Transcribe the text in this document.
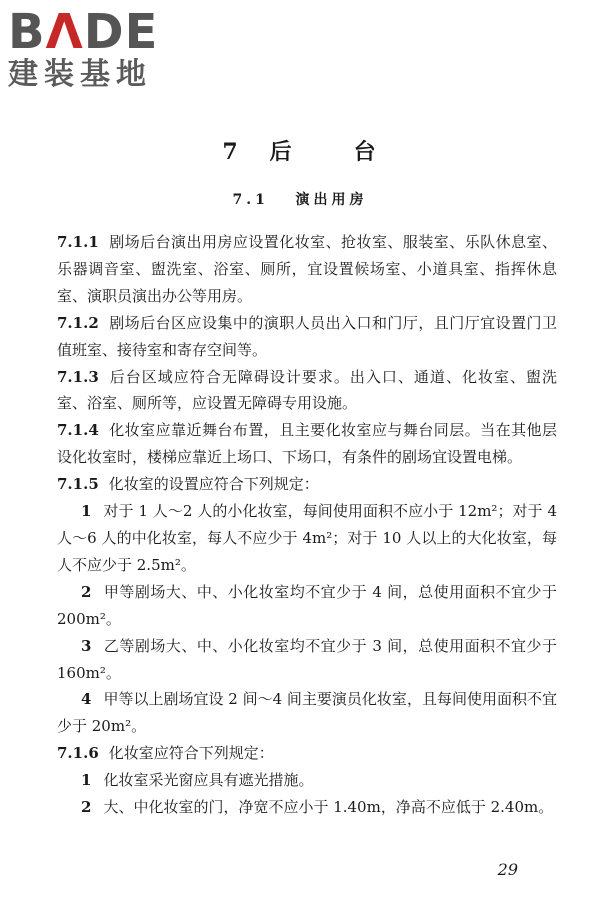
B Λ DE
建装基地
7 后	台
7.1 演出用房

7.1.1 剧场后台演出用房应设置化妆室、抢妆室、服装室、乐队休息室、乐器调音室、盥洗室、浴室、厕所，宜设置候场室、小道具室、指挥休息室、演职员演出办公等用房。

7.1.2 剧场后台区应设集中的演职人员出入口和门厅，且门厅宜设置门卫值班室、接待室和寄存空间等。

7.1.3 后台区域应符合无障碍设计要求。出入口、通道、化妆室、盥洗室、浴室、厕所等，应设置无障碍专用设施。

7.1.4 化妆室应靠近舞台布置，且主要化妆室应与舞台同层。当在其他层设化妆室时，楼梯应靠近上场口、下场口，有条件的剧场宜设置电梯。

7.1.5 化妆室的设置应符合下列规定：

1 对于 1 人～2 人的小化妆室，每间使用面积不应小于 12m²；对于 4 人～6 人的中化妆室，每人不应少于 4m²；对于 10 人以上的大化妆室，每人不应少于 2.5m²。

2 甲等剧场大、中、小化妆室均不宜少于 4 间，总使用面积不宜少于 200m²。

3 乙等剧场大、中、小化妆室均不宜少于 3 间，总使用面积不宜少于 160m²。

4 甲等以上剧场宜设 2 间～4 间主要演员化妆室，且每间使用面积不宜少于 20m²。

7.1.6 化妆室应符合下列规定：

1 化妆室采光窗应具有遮光措施。

2 大、中化妆室的门，净宽不应小于 1.40m，净高不应低于 2.40m。

29
